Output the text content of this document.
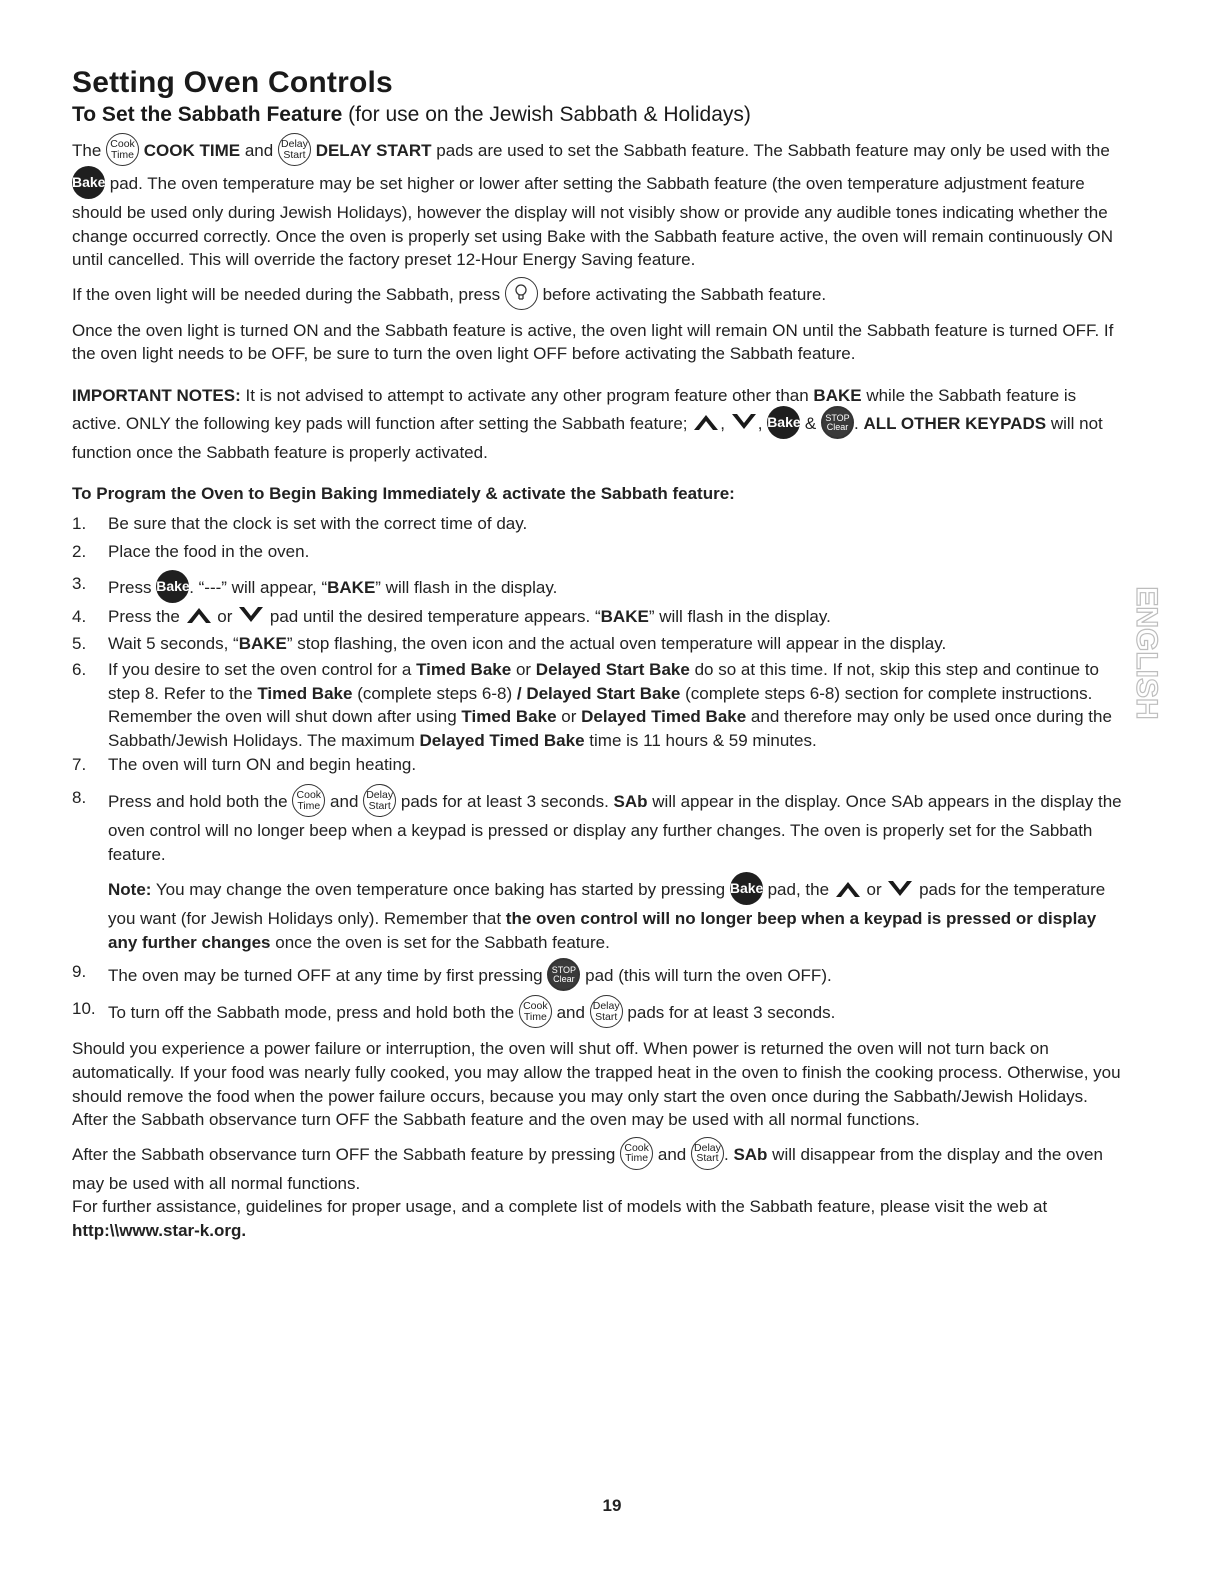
Setting Oven Controls
To Set the Sabbath Feature (for use on the Jewish Sabbath & Holidays)

The Cook
Time COOK TIME and Delay
Start DELAY START pads are used to set the Sabbath feature. The Sabbath feature may only be used with the Bake pad. The oven temperature may be set higher or lower after setting the Sabbath feature (the oven temperature adjustment feature should be used only during Jewish Holidays), however the display will not visibly show or provide any audible tones indicating whether the change occurred correctly. Once the oven is properly set using Bake with the Sabbath feature active, the oven will remain continuously ON until cancelled. This will override the factory preset 12-Hour Energy Saving feature.

If the oven light will be needed during the Sabbath, press before activating the Sabbath feature.

Once the oven light is turned ON and the Sabbath feature is active, the oven light will remain ON until the Sabbath feature is turned OFF. If the oven light needs to be OFF, be sure to turn the oven light OFF before activating the Sabbath feature.

IMPORTANT NOTES: It is not advised to attempt to activate any other program feature other than BAKE while the Sabbath feature is active. ONLY the following key pads will function after setting the Sabbath feature; , , Bake & STOP
Clear . ALL OTHER KEYPADS will not function once the Sabbath feature is properly activated.

To Program the Oven to Begin Baking Immediately & activate the Sabbath feature:

1. Be sure that the clock is set with the correct time of day.
2. Place the food in the oven.
3. Press Bake. “---” will appear, “BAKE” will flash in the display.
4. Press the or pad until the desired temperature appears. “BAKE” will flash in the display.
5. Wait 5 seconds, “BAKE” stop flashing, the oven icon and the actual oven temperature will appear in the display.
6. If you desire to set the oven control for a Timed Bake or Delayed Start Bake do so at this time. If not, skip this step and continue to step 8. Refer to the Timed Bake (complete steps 6-8) / Delayed Start Bake (complete steps 6-8) section for complete instructions. Remember the oven will shut down after using Timed Bake or Delayed Timed Bake and therefore may only be used once during the Sabbath/Jewish Holidays. The maximum Delayed Timed Bake time is 11 hours & 59 minutes.
7. The oven will turn ON and begin heating.
8. Press and hold both the Cook
Time and Delay
Start pads for at least 3 seconds. SAb will appear in the display. Once SAb appears in the display the oven control will no longer beep when a keypad is pressed or display any further changes. The oven is properly set for the Sabbath feature.

Note: You may change the oven temperature once baking has started by pressing Bake pad, the or pads for the temperature you want (for Jewish Holidays only). Remember that the oven control will no longer beep when a keypad is pressed or display any further changes once the oven is set for the Sabbath feature.

9. The oven may be turned OFF at any time by first pressing STOP
Clear pad (this will turn the oven OFF).
10. To turn off the Sabbath mode, press and hold both the Cook
Time and Delay
Start pads for at least 3 seconds.

Should you experience a power failure or interruption, the oven will shut off. When power is returned the oven will not turn back on automatically. If your food was nearly fully cooked, you may allow the trapped heat in the oven to finish the cooking process. Otherwise, you should remove the food when the power failure occurs, because you may only start the oven once during the Sabbath/Jewish Holidays. After the Sabbath observance turn OFF the Sabbath feature and the oven may be used with all normal functions.

After the Sabbath observance turn OFF the Sabbath feature by pressing Cook
Time and Delay
Start . SAb will disappear from the display and the oven may be used with all normal functions.

For further assistance, guidelines for proper usage, and a complete list of models with the Sabbath feature, please visit the web at http:\\www.star-k.org.

ENGLISH
19
